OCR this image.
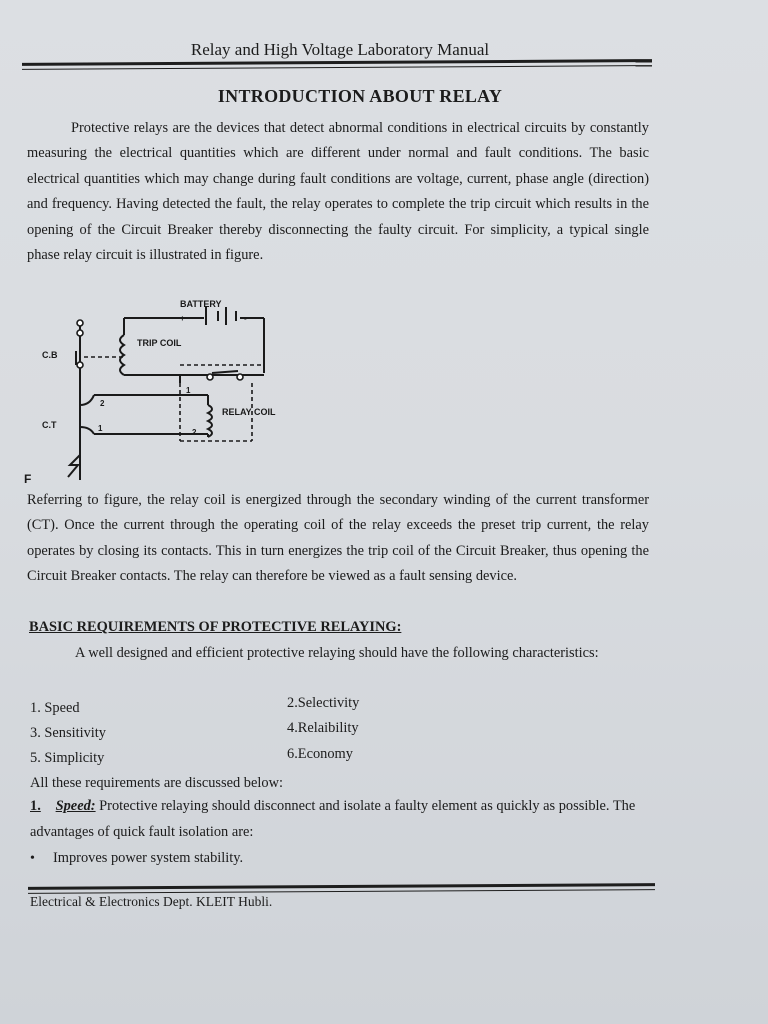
Relay and High Voltage Laboratory Manual
INTRODUCTION ABOUT RELAY
Protective relays are the devices that detect abnormal conditions in electrical circuits by constantly measuring the electrical quantities which are different under normal and fault conditions. The basic electrical quantities which may change during fault conditions are voltage, current, phase angle (direction) and frequency. Having detected the fault, the relay operates to complete the trip circuit which results in the opening of the Circuit Breaker thereby disconnecting the faulty circuit. For simplicity, a typical single phase relay circuit is illustrated in figure.
BATTERY
+	-
TRIP COIL
C.B
C.T
RELAY COIL
2
1
1
2
F
Referring to figure, the relay coil is energized through the secondary winding of the current transformer (CT). Once the current through the operating coil of the relay exceeds the preset trip current, the relay operates by closing its contacts. This in turn energizes the trip coil of the Circuit Breaker, thus opening the Circuit Breaker contacts. The relay can therefore be viewed as a fault sensing device.
BASIC REQUIREMENTS OF PROTECTIVE RELAYING:
A well designed and efficient protective relaying should have the following characteristics:
1. Speed	2.Selectivity
3. Sensitivity	4.Relaibility
5. Simplicity	6.Economy
All these requirements are discussed below:
1. Speed: Protective relaying should disconnect and isolate a faulty element as quickly as possible. The advantages of quick fault isolation are:
• Improves power system stability.
Electrical & Electronics Dept. KLEIT Hubli.
